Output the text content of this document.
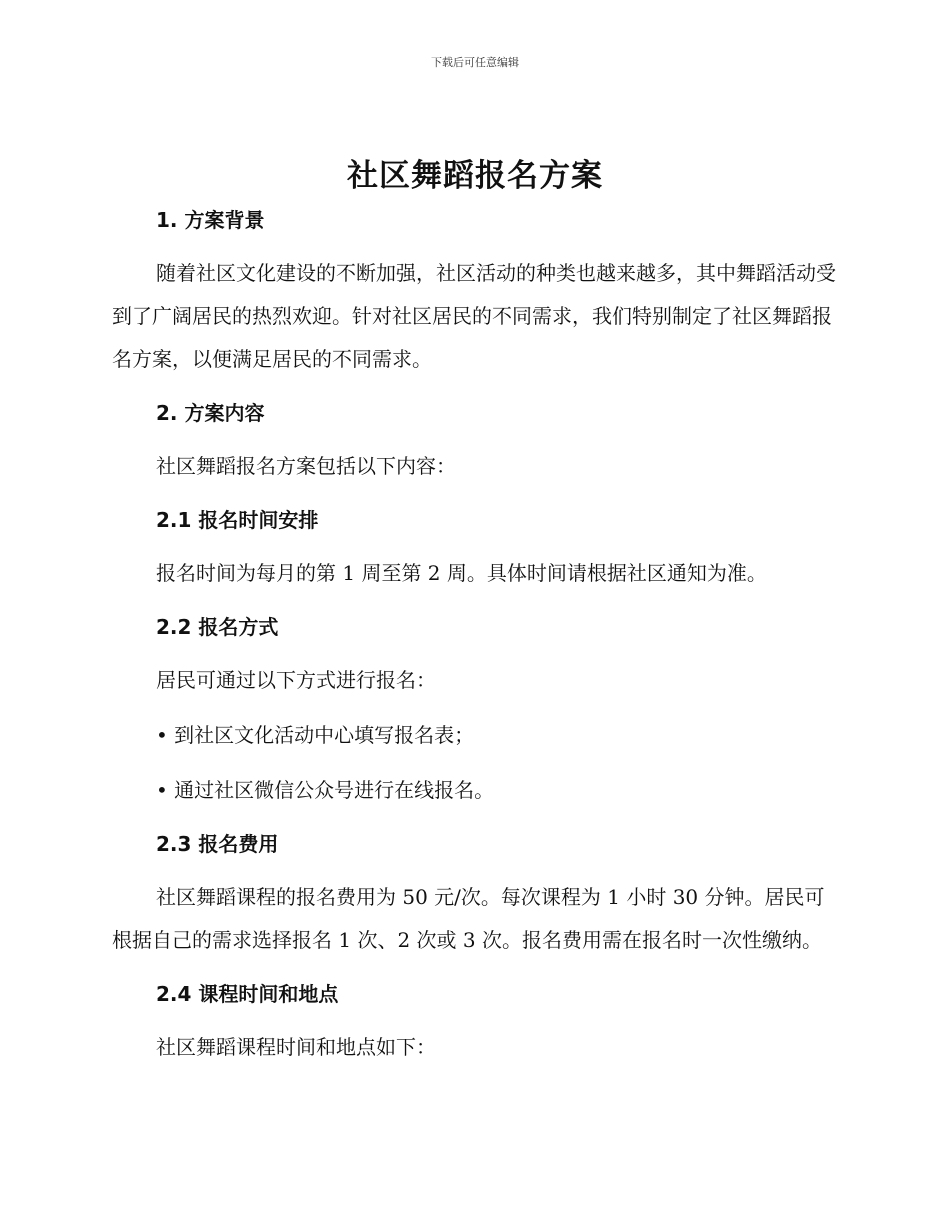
下载后可任意编辑
社区舞蹈报名方案
1. 方案背景

随着社区文化建设的不断加强，社区活动的种类也越来越多，其中舞蹈活动受到了广阔居民的热烈欢迎。针对社区居民的不同需求，我们特别制定了社区舞蹈报名方案，以便满足居民的不同需求。

2. 方案内容

社区舞蹈报名方案包括以下内容：

2.1 报名时间安排

报名时间为每月的第 1 周至第 2 周。具体时间请根据社区通知为准。

2.2 报名方式

居民可通过以下方式进行报名：

• 到社区文化活动中心填写报名表；

• 通过社区微信公众号进行在线报名。

2.3 报名费用

社区舞蹈课程的报名费用为 50 元/次。每次课程为 1 小时 30 分钟。居民可根据自己的需求选择报名 1 次、2 次或 3 次。报名费用需在报名时一次性缴纳。

2.4 课程时间和地点

社区舞蹈课程时间和地点如下：
